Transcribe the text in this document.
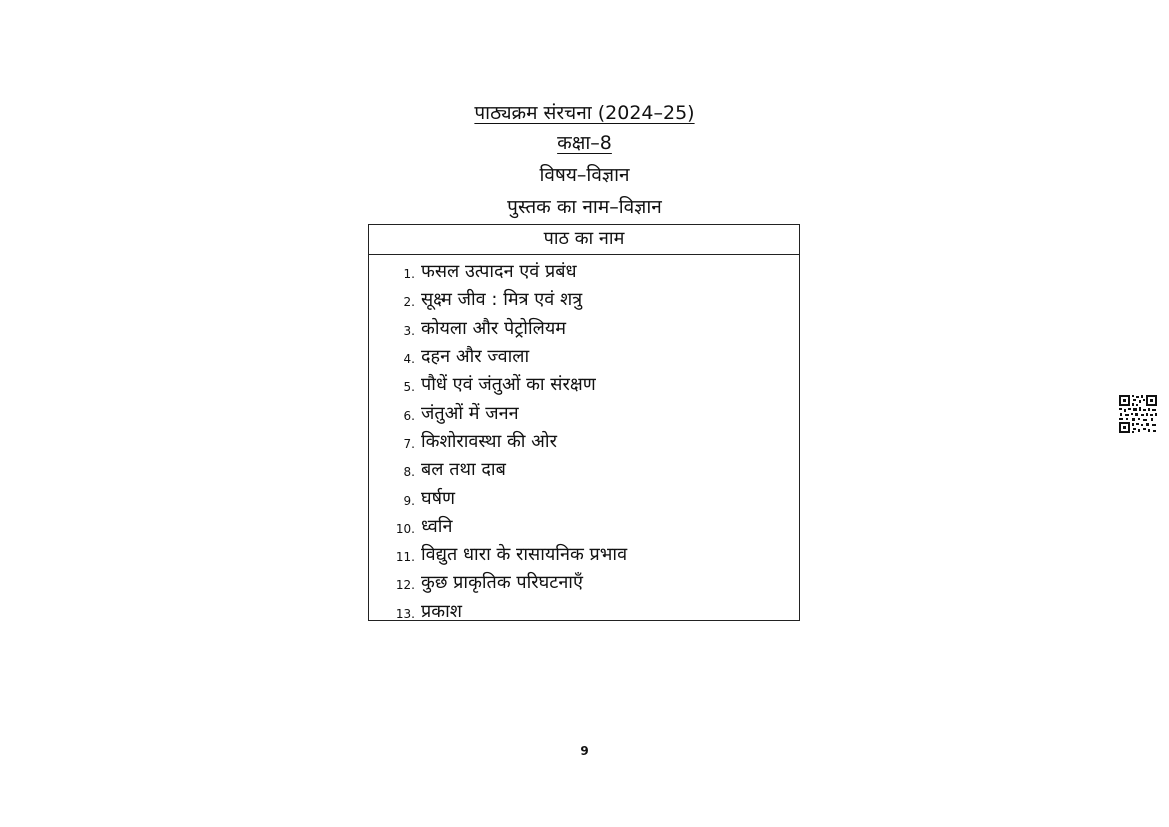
पाठ्यक्रम संरचना (2024–25)
कक्षा–8
विषय–विज्ञान
पुस्तक का नाम–विज्ञान
पाठ का नाम
1. फसल उत्पादन एवं प्रबंध
2. सूक्ष्म जीव : मित्र एवं शत्रु
3. कोयला और पेट्रोलियम
4. दहन और ज्वाला
5. पौधें एवं जंतुओं का संरक्षण
6. जंतुओं में जनन
7. किशोरावस्था की ओर
8. बल तथा दाब
9. घर्षण
10. ध्वनि
11. विद्युत धारा के रासायनिक प्रभाव
12. कुछ प्राकृतिक परिघटनाएँ
13. प्रकाश
9
